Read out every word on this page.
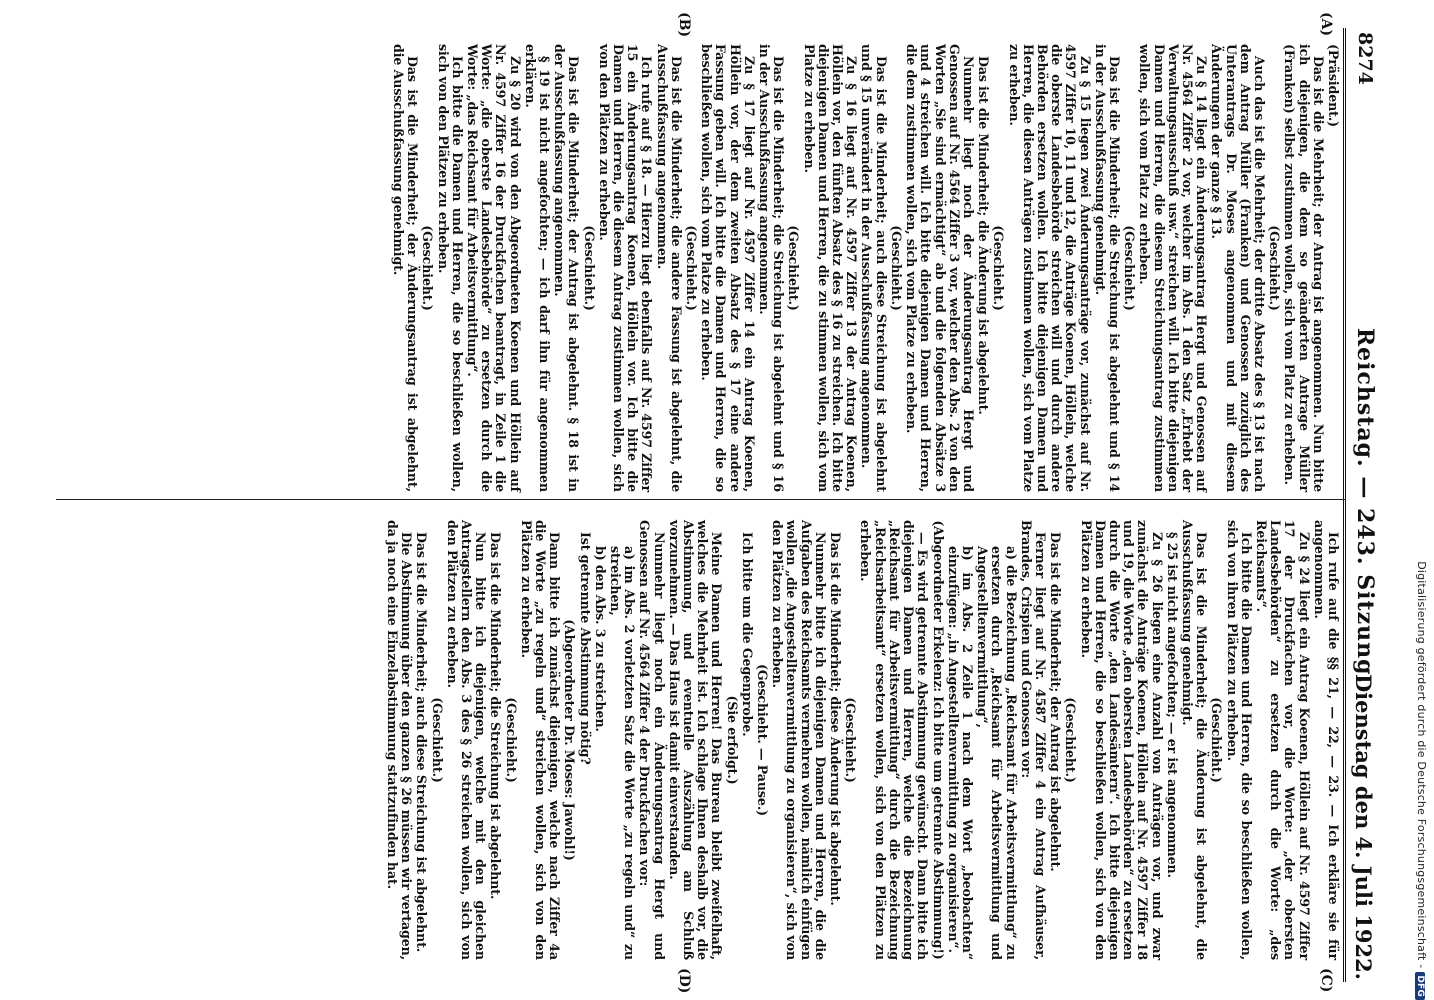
8274
Reichstag. — 243. Sitzung.
Dienstag den 4. Juli 1922.
(A)
(B)
(C)
(D)

(Präsident.)

Das ist die Mehrheit; der Antrag ist angenommen. Nun bitte ich diejenigen, die dem so geänderten Antrage Müller (Franken) selbst zustimmen wollen, sich vom Platz zu erheben.

(Geschieht.)

Auch das ist die Mehrheit; der dritte Absatz des § 13 ist nach dem Antrag Müller (Franken) und Genossen zuzüglich des Unterantrags Dr. Moses angenommen und mit diesem Änderungen der ganze § 13.

Zu § 14 liegt ein Änderungsantrag Hergt und Genossen auf Nr. 4564 Ziffer 2 vor, welcher im Abs. 1 den Satz „Erhebt der Verwaltungsausschuß usw.“ streichen will. Ich bitte diejenigen Damen und Herren, die diesem Streichungsantrag zustimmen wollen, sich vom Platz zu erheben.

(Geschieht.)

Das ist die Minderheit; die Streichung ist abgelehnt und § 14 in der Ausschußfassung genehmigt.

Zu § 15 liegen zwei Änderungsanträge vor, zunächst auf Nr. 4597 Ziffer 10, 11 und 12, die Anträge Koenen, Höllein, welche die oberste Landesbehörde streichen will und durch andere Behörden ersetzen wollen. Ich bitte diejenigen Damen und Herren, die diesen Anträgen zustimmen wollen, sich vom Platze zu erheben.

(Geschieht.)

Das ist die Minderheit; die Änderung ist abgelehnt.

Nunmehr liegt noch der Änderungsantrag Hergt und Genossen auf Nr. 4564 Ziffer 3 vor, welcher den Abs. 2 von den Worten „Sie sind ermächtigt“ ab und die folgenden Absätze 3 und 4 streichen will. Ich bitte diejenigen Damen und Herren, die dem zustimmen wollen, sich vom Platze zu erheben.

(Geschieht.)

Das ist die Minderheit; auch diese Streichung ist abgelehnt und § 15 unverändert in der Ausschußfassung angenommen.

Zu § 16 liegt auf Nr. 4597 Ziffer 13 der Antrag Koenen, Höllein vor, den fünften Absatz des § 16 zu streichen. Ich bitte diejenigen Damen und Herren, die zu stimmen wollen, sich vom Platze zu erheben.

(Geschieht.)

Das ist die Minderheit; die Streichung ist abgelehnt und § 16 in der Ausschußfassung angenommen.

Zu § 17 liegt auf Nr. 4597 Ziffer 14 ein Antrag Koenen, Höllein vor, der dem zweiten Absatz des § 17 eine andere Fassung geben will. Ich bitte die Damen und Herren, die so beschließen wollen, sich vom Platze zu erheben.

(Geschieht.)

Das ist die Minderheit; die andere Fassung ist abgelehnt, die Ausschußfassung angenommen.

Ich rufe auf § 18. — Hierzu liegt ebenfalls auf Nr. 4597 Ziffer 15 ein Änderungsantrag Koenen, Höllein vor. Ich bitte die Damen und Herren, die diesem Antrag zustimmen wollen, sich von den Plätzen zu erheben.

(Geschieht.)

Das ist die Minderheit; der Antrag ist abgelehnt. § 18 ist in der Ausschußfassung angenommen.

§ 19 ist nicht angefochten; — ich darf ihn für angenommen erklären.

Zu § 20 wird von den Abgeordneten Koenen und Höllein auf Nr. 4597 Ziffer 16 der Druckfachen beantragt, in Zeile 1 die Worte: „die oberste Landesbehörde“ zu ersetzen durch die Worte: „das Reichsamt für Arbeitsvermittlung“.

Ich bitte die Damen und Herren, die so beschließen wollen, sich von den Plätzen zu erheben.

(Geschieht.)

Das ist die Minderheit; der Änderungsantrag ist abgelehnt, die Ausschußfassung genehmigt.

Ich rufe auf die §§ 21, — 22, — 23. — Ich erkläre sie für angenommen.

Zu § 24 liegt ein Antrag Koenen, Höllein auf Nr. 4597 Ziffer 17 der Druckfachen vor, die Worte: „der obersten Landesbehörden“ zu ersetzen durch die Worte: „des Reichsamts“.

Ich bitte die Damen und Herren, die so beschließen wollen, sich von ihren Plätzen zu erheben.

(Geschieht.)

Das ist die Minderheit; die Änderung ist abgelehnt, die Ausschußfassung genehmigt.

§ 25 ist nicht angefochten; — er ist angenommen.

Zu § 26 liegen eine Anzahl von Anträgen vor, und zwar zunächst die Anträge Koenen, Höllein auf Nr. 4597 Ziffer 18 und 19, die Worte „den obersten Landesbehörden“ zu ersetzen durch die Worte „den Landesämtern“. Ich bitte diejenigen Damen und Herren, die so beschließen wollen, sich von den Plätzen zu erheben.

(Geschieht.)

Das ist die Minderheit; der Antrag ist abgelehnt.

Ferner liegt auf Nr. 4587 Ziffer 4 ein Antrag Aufhäuser, Brandes, Crispien und Genossen vor:

a) die Bezeichnung „Reichsamt für Arbeitsvermittlung“ zu ersetzen durch „Reichsamt für Arbeitsvermittlung und Angestelltenvermittlung“,

b) im Abs. 2 Zeile 1 nach dem Wort „beobachten“ einzufügen: „in Angestelltenvermittlung zu organisieren“.

(Abgeordneter Erkelenz: Ich bitte um getrennte Abstimmung!)

— Es wird getrennte Abstimmung gewünscht. Dann bitte ich diejenigen Damen und Herren, welche die Bezeichnung „Reichsamt für Arbeitsvermittlung“ durch die Bezeichnung „Reichsarbeitsamt“ ersetzen wollen, sich von den Plätzen zu erheben.

(Geschieht.)

Das ist die Minderheit; diese Änderung ist abgelehnt.

Nunmehr bitte ich diejenigen Damen und Herren, die die Aufgaben des Reichsamts vermehren wollen, nämlich einfügen wollen „die Angestelltenvermittlung zu organisieren“, sich von den Plätzen zu erheben.

(Geschieht. — Pause.)

Ich bitte um die Gegenprobe.

(Sie erfolgt.)

Meine Damen und Herren! Das Bureau bleibt zweifelhaft, welches die Mehrheit ist. Ich schlage Ihnen deshalb vor, die Abstimmung, und eventuelle Auszählung am Schluß vorzunehmen. — Das Haus ist damit einverstanden.

Nunmehr liegt noch ein Änderungsantrag Hergt und Genossen auf Nr. 4564 Ziffer 4 der Druckfachen vor:

a) im Abs. 2 vorletzten Satz die Worte „zu regeln und“ zu streichen,

b) den Abs. 3 zu streichen.

Ist getrennte Abstimmung nötig?

(Abgeordneter Dr. Moses: Jawohl!)

Dann bitte ich zunächst diejenigen, welche nach Ziffer 4a die Worte „zu regeln und“ streichen wollen, sich von den Plätzen zu erheben.

(Geschieht.)

Das ist die Minderheit; die Streichung ist abgelehnt.

Nun bitte ich diejenigen, welche mit den gleichen Antragstellern den Abs. 3 des § 26 streichen wollen, sich von den Plätzen zu erheben.

(Geschieht.)

Das ist die Minderheit; auch diese Streichung ist abgelehnt.

Die Abstimmung über den ganzen § 26 müssen wir vertagen, da ja noch eine Einzelabstimmung stattzufinden hat.	Digitalisierung gefördert durch die Deutsche Forschungsgemeinschaft -DFG
